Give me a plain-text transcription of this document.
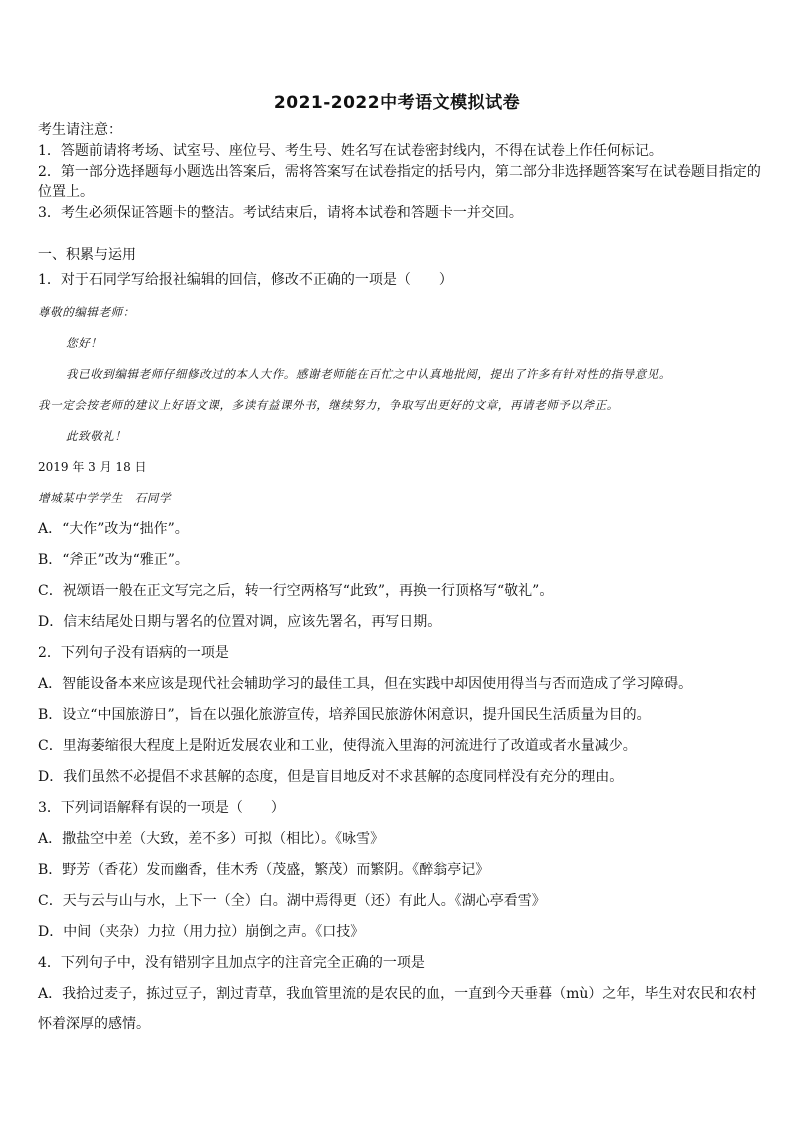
2021-2022中考语文模拟试卷
考生请注意：
1．答题前请将考场、试室号、座位号、考生号、姓名写在试卷密封线内，不得在试卷上作任何标记。
2．第一部分选择题每小题选出答案后，需将答案写在试卷指定的括号内，第二部分非选择题答案写在试卷题目指定的
位置上。
3．考生必须保证答题卡的整洁。考试结束后，请将本试卷和答题卡一并交回。
一、积累与运用
1．对于石同学写给报社编辑的回信，修改不正确的一项是（　　）
尊敬的编辑老师：
您好！
我已收到编辑老师仔细修改过的本人大作。感谢老师能在百忙之中认真地批阅，提出了许多有针对性的指导意见。
我一定会按老师的建议上好语文课，多读有益课外书，继续努力，争取写出更好的文章，再请老师予以斧正。
此致敬礼！
2019 年 3 月 18 日
增城某中学学生　石同学
A．“大作”改为“拙作”。
B．“斧正”改为“雅正”。
C．祝颂语一般在正文写完之后，转一行空两格写“此致”，再换一行顶格写“敬礼”。
D．信末结尾处日期与署名的位置对调，应该先署名，再写日期。
2．下列句子没有语病的一项是
A．智能设备本来应该是现代社会辅助学习的最佳工具，但在实践中却因使用得当与否而造成了学习障碍。
B．设立“中国旅游日”，旨在以强化旅游宣传，培养国民旅游休闲意识，提升国民生活质量为目的。
C．里海萎缩很大程度上是附近发展农业和工业，使得流入里海的河流进行了改道或者水量减少。
D．我们虽然不必提倡不求甚解的态度，但是盲目地反对不求甚解的态度同样没有充分的理由。
3．下列词语解释有误的一项是（　　）
A．撒盐空中差（大致，差不多）可拟（相比）。《咏雪》
B．野芳（香花）发而幽香，佳木秀（茂盛，繁茂）而繁阴。《醉翁亭记》
C．天与云与山与水，上下一（全）白。湖中焉得更（还）有此人。《湖心亭看雪》
D．中间（夹杂）力拉（用力拉）崩倒之声。《口技》
4．下列句子中，没有错别字且加点字的注音完全正确的一项是
A．我拾过麦子，拣过豆子，割过青草，我血管里流的是农民的血，一直到今天垂暮（mù）之年，毕生对农民和农村
怀着深厚的感情。
